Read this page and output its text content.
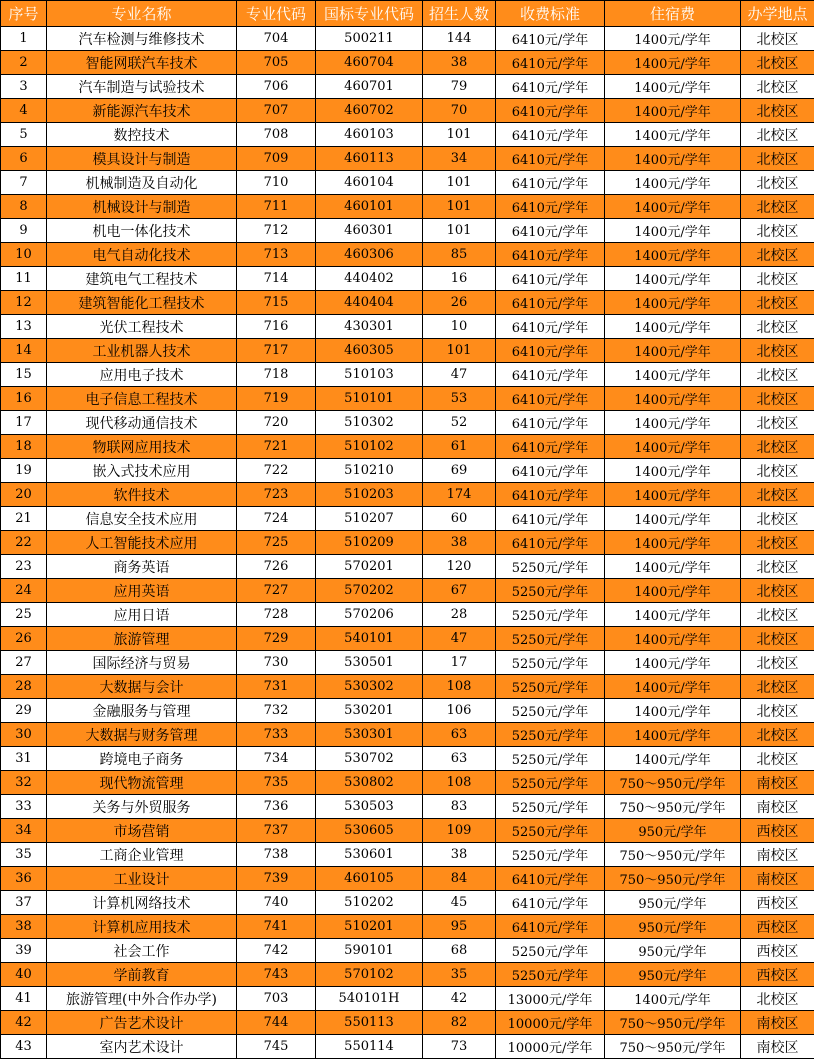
序号	专业名称	专业代码	国标专业代码	招生人数	收费标准	住宿费	办学地点
1	汽车检测与维修技术	704	500211	144	6410元/学年	1400元/学年	北校区
2	智能网联汽车技术	705	460704	38	6410元/学年	1400元/学年	北校区
3	汽车制造与试验技术	706	460701	79	6410元/学年	1400元/学年	北校区
4	新能源汽车技术	707	460702	70	6410元/学年	1400元/学年	北校区
5	数控技术	708	460103	101	6410元/学年	1400元/学年	北校区
6	模具设计与制造	709	460113	34	6410元/学年	1400元/学年	北校区
7	机械制造及自动化	710	460104	101	6410元/学年	1400元/学年	北校区
8	机械设计与制造	711	460101	101	6410元/学年	1400元/学年	北校区
9	机电一体化技术	712	460301	101	6410元/学年	1400元/学年	北校区
10	电气自动化技术	713	460306	85	6410元/学年	1400元/学年	北校区
11	建筑电气工程技术	714	440402	16	6410元/学年	1400元/学年	北校区
12	建筑智能化工程技术	715	440404	26	6410元/学年	1400元/学年	北校区
13	光伏工程技术	716	430301	10	6410元/学年	1400元/学年	北校区
14	工业机器人技术	717	460305	101	6410元/学年	1400元/学年	北校区
15	应用电子技术	718	510103	47	6410元/学年	1400元/学年	北校区
16	电子信息工程技术	719	510101	53	6410元/学年	1400元/学年	北校区
17	现代移动通信技术	720	510302	52	6410元/学年	1400元/学年	北校区
18	物联网应用技术	721	510102	61	6410元/学年	1400元/学年	北校区
19	嵌入式技术应用	722	510210	69	6410元/学年	1400元/学年	北校区
20	软件技术	723	510203	174	6410元/学年	1400元/学年	北校区
21	信息安全技术应用	724	510207	60	6410元/学年	1400元/学年	北校区
22	人工智能技术应用	725	510209	38	6410元/学年	1400元/学年	北校区
23	商务英语	726	570201	120	5250元/学年	1400元/学年	北校区
24	应用英语	727	570202	67	5250元/学年	1400元/学年	北校区
25	应用日语	728	570206	28	5250元/学年	1400元/学年	北校区
26	旅游管理	729	540101	47	5250元/学年	1400元/学年	北校区
27	国际经济与贸易	730	530501	17	5250元/学年	1400元/学年	北校区
28	大数据与会计	731	530302	108	5250元/学年	1400元/学年	北校区
29	金融服务与管理	732	530201	106	5250元/学年	1400元/学年	北校区
30	大数据与财务管理	733	530301	63	5250元/学年	1400元/学年	北校区
31	跨境电子商务	734	530702	63	5250元/学年	1400元/学年	北校区
32	现代物流管理	735	530802	108	5250元/学年	750～950元/学年	南校区
33	关务与外贸服务	736	530503	83	5250元/学年	750～950元/学年	南校区
34	市场营销	737	530605	109	5250元/学年	950元/学年	西校区
35	工商企业管理	738	530601	38	5250元/学年	750～950元/学年	南校区
36	工业设计	739	460105	84	6410元/学年	750～950元/学年	南校区
37	计算机网络技术	740	510202	45	6410元/学年	950元/学年	西校区
38	计算机应用技术	741	510201	95	6410元/学年	950元/学年	西校区
39	社会工作	742	590101	68	5250元/学年	950元/学年	西校区
40	学前教育	743	570102	35	5250元/学年	950元/学年	西校区
41	旅游管理(中外合作办学)	703	540101H	42	13000元/学年	1400元/学年	北校区
42	广告艺术设计	744	550113	82	10000元/学年	750～950元/学年	南校区
43	室内艺术设计	745	550114	73	10000元/学年	750～950元/学年	南校区
